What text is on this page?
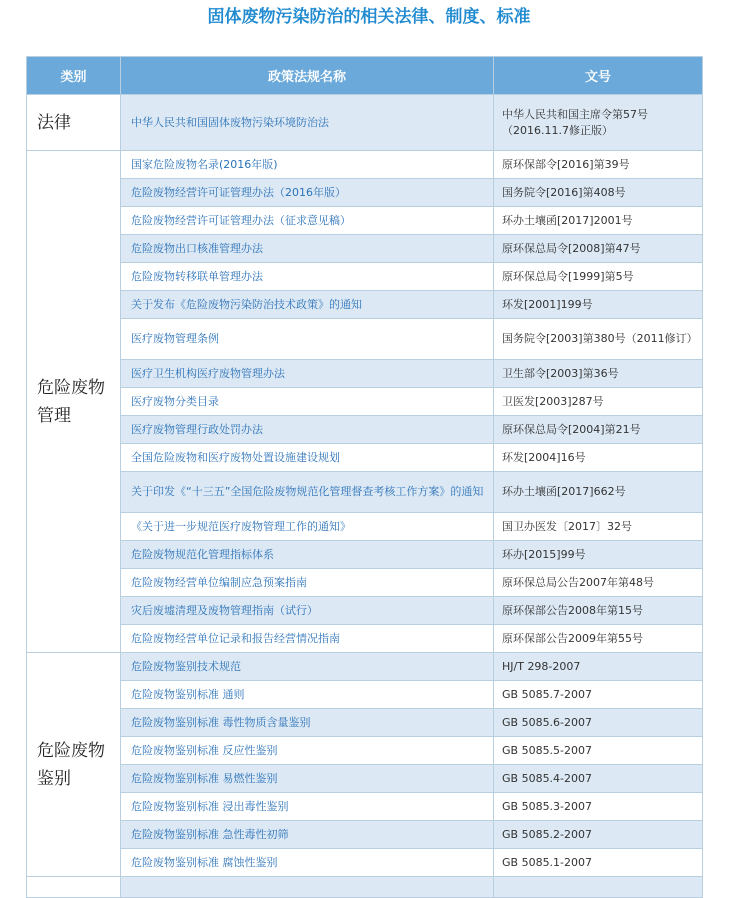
固体废物污染防治的相关法律、制度、标准
类别	政策法规名称	文号
法律	中华人民共和国固体废物污染环境防治法	中华人民共和国主席令第57号（2016.11.7修正版）
危险废物管理	国家危险废物名录(2016年版)	原环保部令[2016]第39号
	危险废物经营许可证管理办法（2016年版）	国务院令[2016]第408号
	危险废物经营许可证管理办法（征求意见稿）	环办土壤函[2017]2001号
	危险废物出口核准管理办法	原环保总局令[2008]第47号
	危险废物转移联单管理办法	原环保总局令[1999]第5号
	关于发布《危险废物污染防治技术政策》的通知	环发[2001]199号
	医疗废物管理条例	国务院令[2003]第380号（2011修订）
	医疗卫生机构医疗废物管理办法	卫生部令[2003]第36号
	医疗废物分类目录	卫医发[2003]287号
	医疗废物管理行政处罚办法	原环保总局令[2004]第21号
	全国危险废物和医疗废物处置设施建设规划	环发[2004]16号
	关于印发《“十三五”全国危险废物规范化管理督查考核工作方案》的通知	环办土壤函[2017]662号
	《关于进一步规范医疗废物管理工作的通知》	国卫办医发〔2017〕32号
	危险废物规范化管理指标体系	环办[2015]99号
	危险废物经营单位编制应急预案指南	原环保总局公告2007年第48号
	灾后废墟清理及废物管理指南（试行）	原环保部公告2008年第15号
	危险废物经营单位记录和报告经营情况指南	原环保部公告2009年第55号
危险废物鉴别	危险废物鉴别技术规范	HJ/T 298-2007
	危险废物鉴别标准 通则	GB 5085.7-2007
	危险废物鉴别标准 毒性物质含量鉴别	GB 5085.6-2007
	危险废物鉴别标准 反应性鉴别	GB 5085.5-2007
	危险废物鉴别标准 易燃性鉴别	GB 5085.4-2007
	危险废物鉴别标准 浸出毒性鉴别	GB 5085.3-2007
	危险废物鉴别标准 急性毒性初筛	GB 5085.2-2007
	危险废物鉴别标准 腐蚀性鉴别	GB 5085.1-2007
